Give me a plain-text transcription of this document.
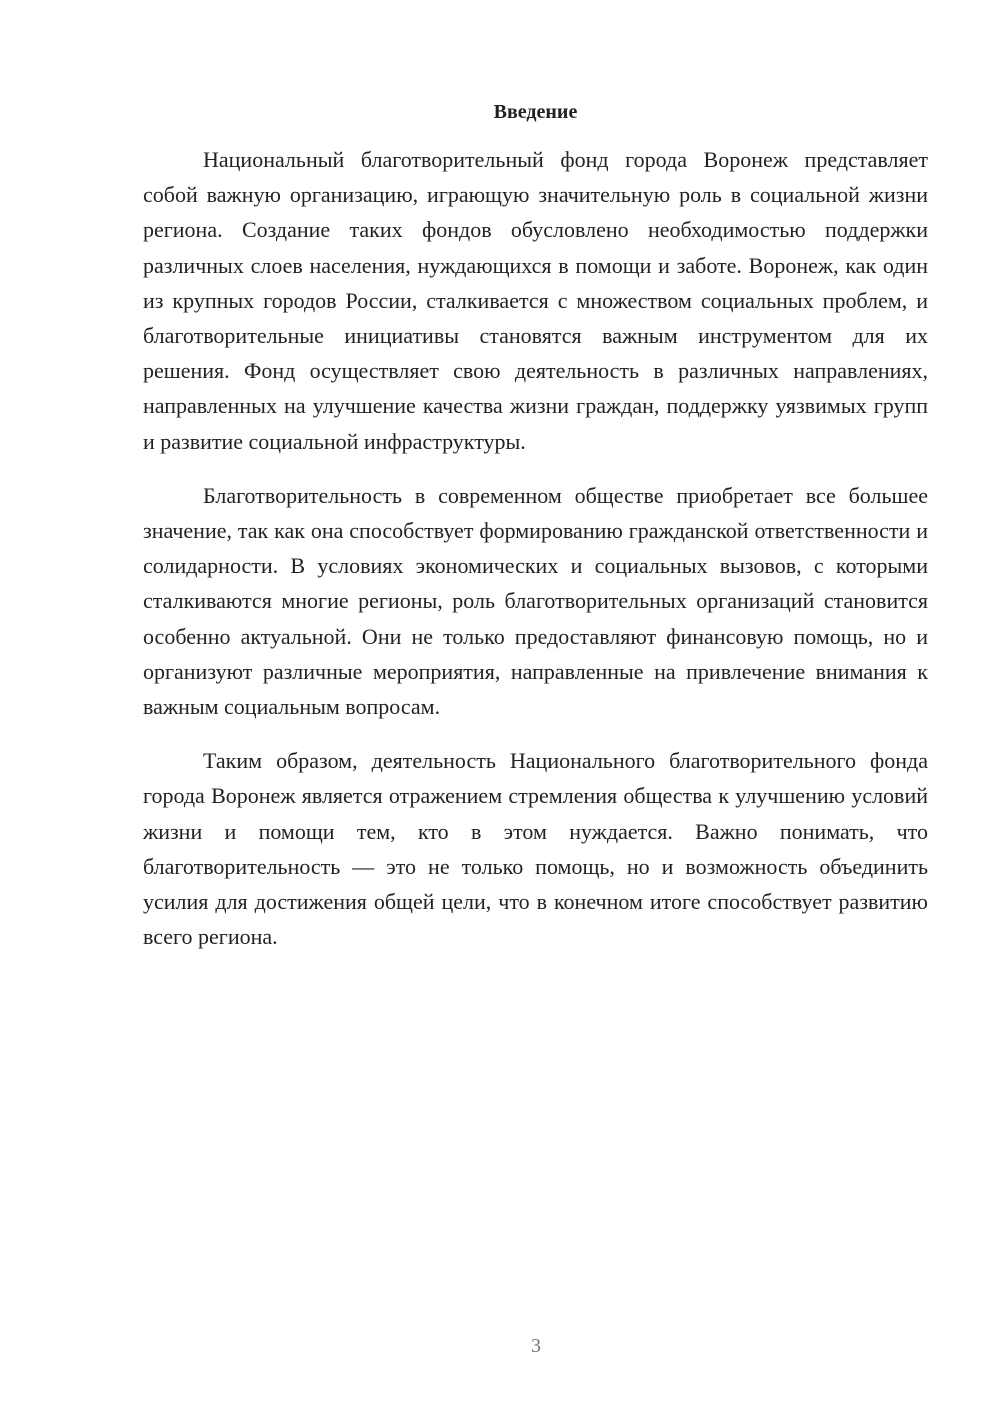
Введение

Национальный благотворительный фонд города Воронеж представляет собой важную организацию, играющую значительную роль в социальной жизни региона. Создание таких фондов обусловлено необходимостью поддержки различных слоев населения, нуждающихся в помощи и заботе. Воронеж, как один из крупных городов России, сталкивается с множеством социальных проблем, и благотворительные инициативы становятся важным инструментом для их решения. Фонд осуществляет свою деятельность в различных направлениях, направленных на улучшение качества жизни граждан, поддержку уязвимых групп и развитие социальной инфраструктуры.

Благотворительность в современном обществе приобретает все большее значение, так как она способствует формированию гражданской ответственности и солидарности. В условиях экономических и социальных вызовов, с которыми сталкиваются многие регионы, роль благотворительных организаций становится особенно актуальной. Они не только предоставляют финансовую помощь, но и организуют различные мероприятия, направленные на привлечение внимания к важным социальным вопросам.

Таким образом, деятельность Национального благотворительного фонда города Воронеж является отражением стремления общества к улучшению условий жизни и помощи тем, кто в этом нуждается. Важно понимать, что благотворительность — это не только помощь, но и возможность объединить усилия для достижения общей цели, что в конечном итоге способствует развитию всего региона.

3
